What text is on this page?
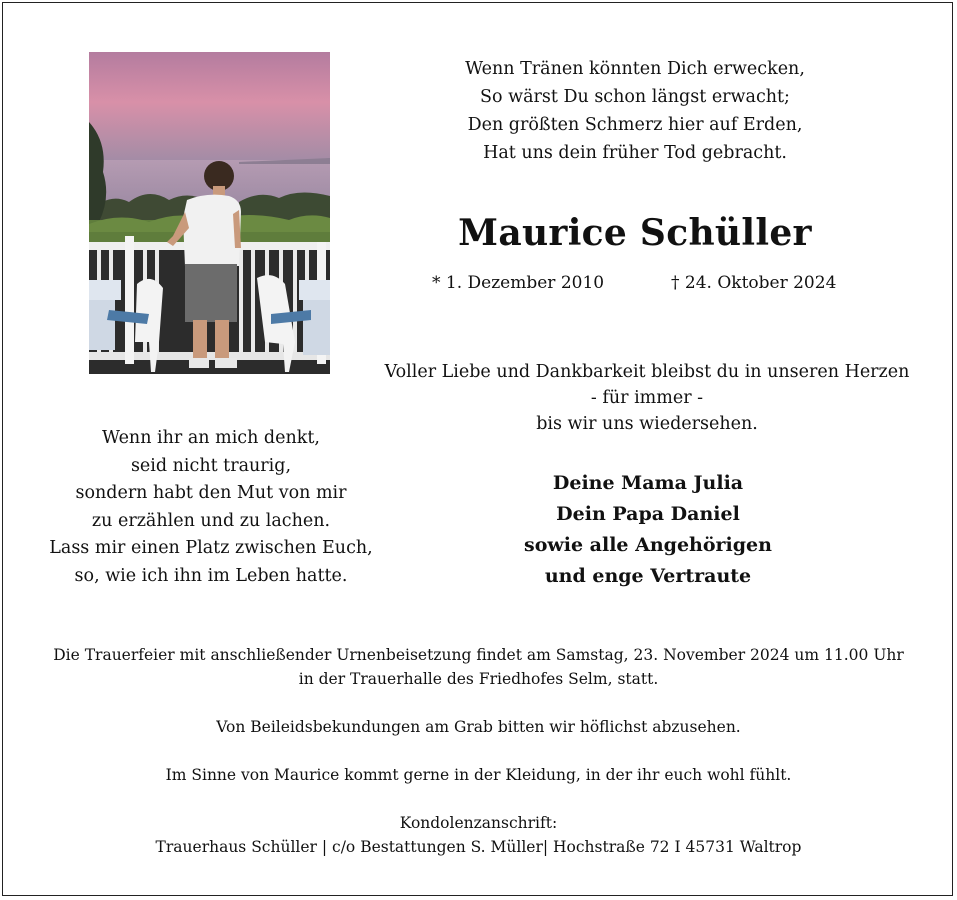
Wenn Tränen könnten Dich erwecken,
So wärst Du schon längst erwacht;
Den größten Schmerz hier auf Erden,
Hat uns dein früher Tod gebracht.
Maurice Schüller
* 1. Dezember 2010	† 24. Oktober 2024
Voller Liebe und Dankbarkeit bleibst du in unseren Herzen
- für immer -
bis wir uns wiedersehen.
Wenn ihr an mich denkt,
seid nicht traurig,
sondern habt den Mut von mir
zu erzählen und zu lachen.
Lass mir einen Platz zwischen Euch,
so, wie ich ihn im Leben hatte.
Deine Mama Julia
Dein Papa Daniel
sowie alle Angehörigen
und enge Vertraute
Die Trauerfeier mit anschließender Urnenbeisetzung findet am Samstag, 23. November 2024 um 11.00 Uhr
in der Trauerhalle des Friedhofes Selm, statt.
Von Beileidsbekundungen am Grab bitten wir höflichst abzusehen.
Im Sinne von Maurice kommt gerne in der Kleidung, in der ihr euch wohl fühlt.
Kondolenzanschrift:
Trauerhaus Schüller | c/o Bestattungen S. Müller| Hochstraße 72 I 45731 Waltrop
